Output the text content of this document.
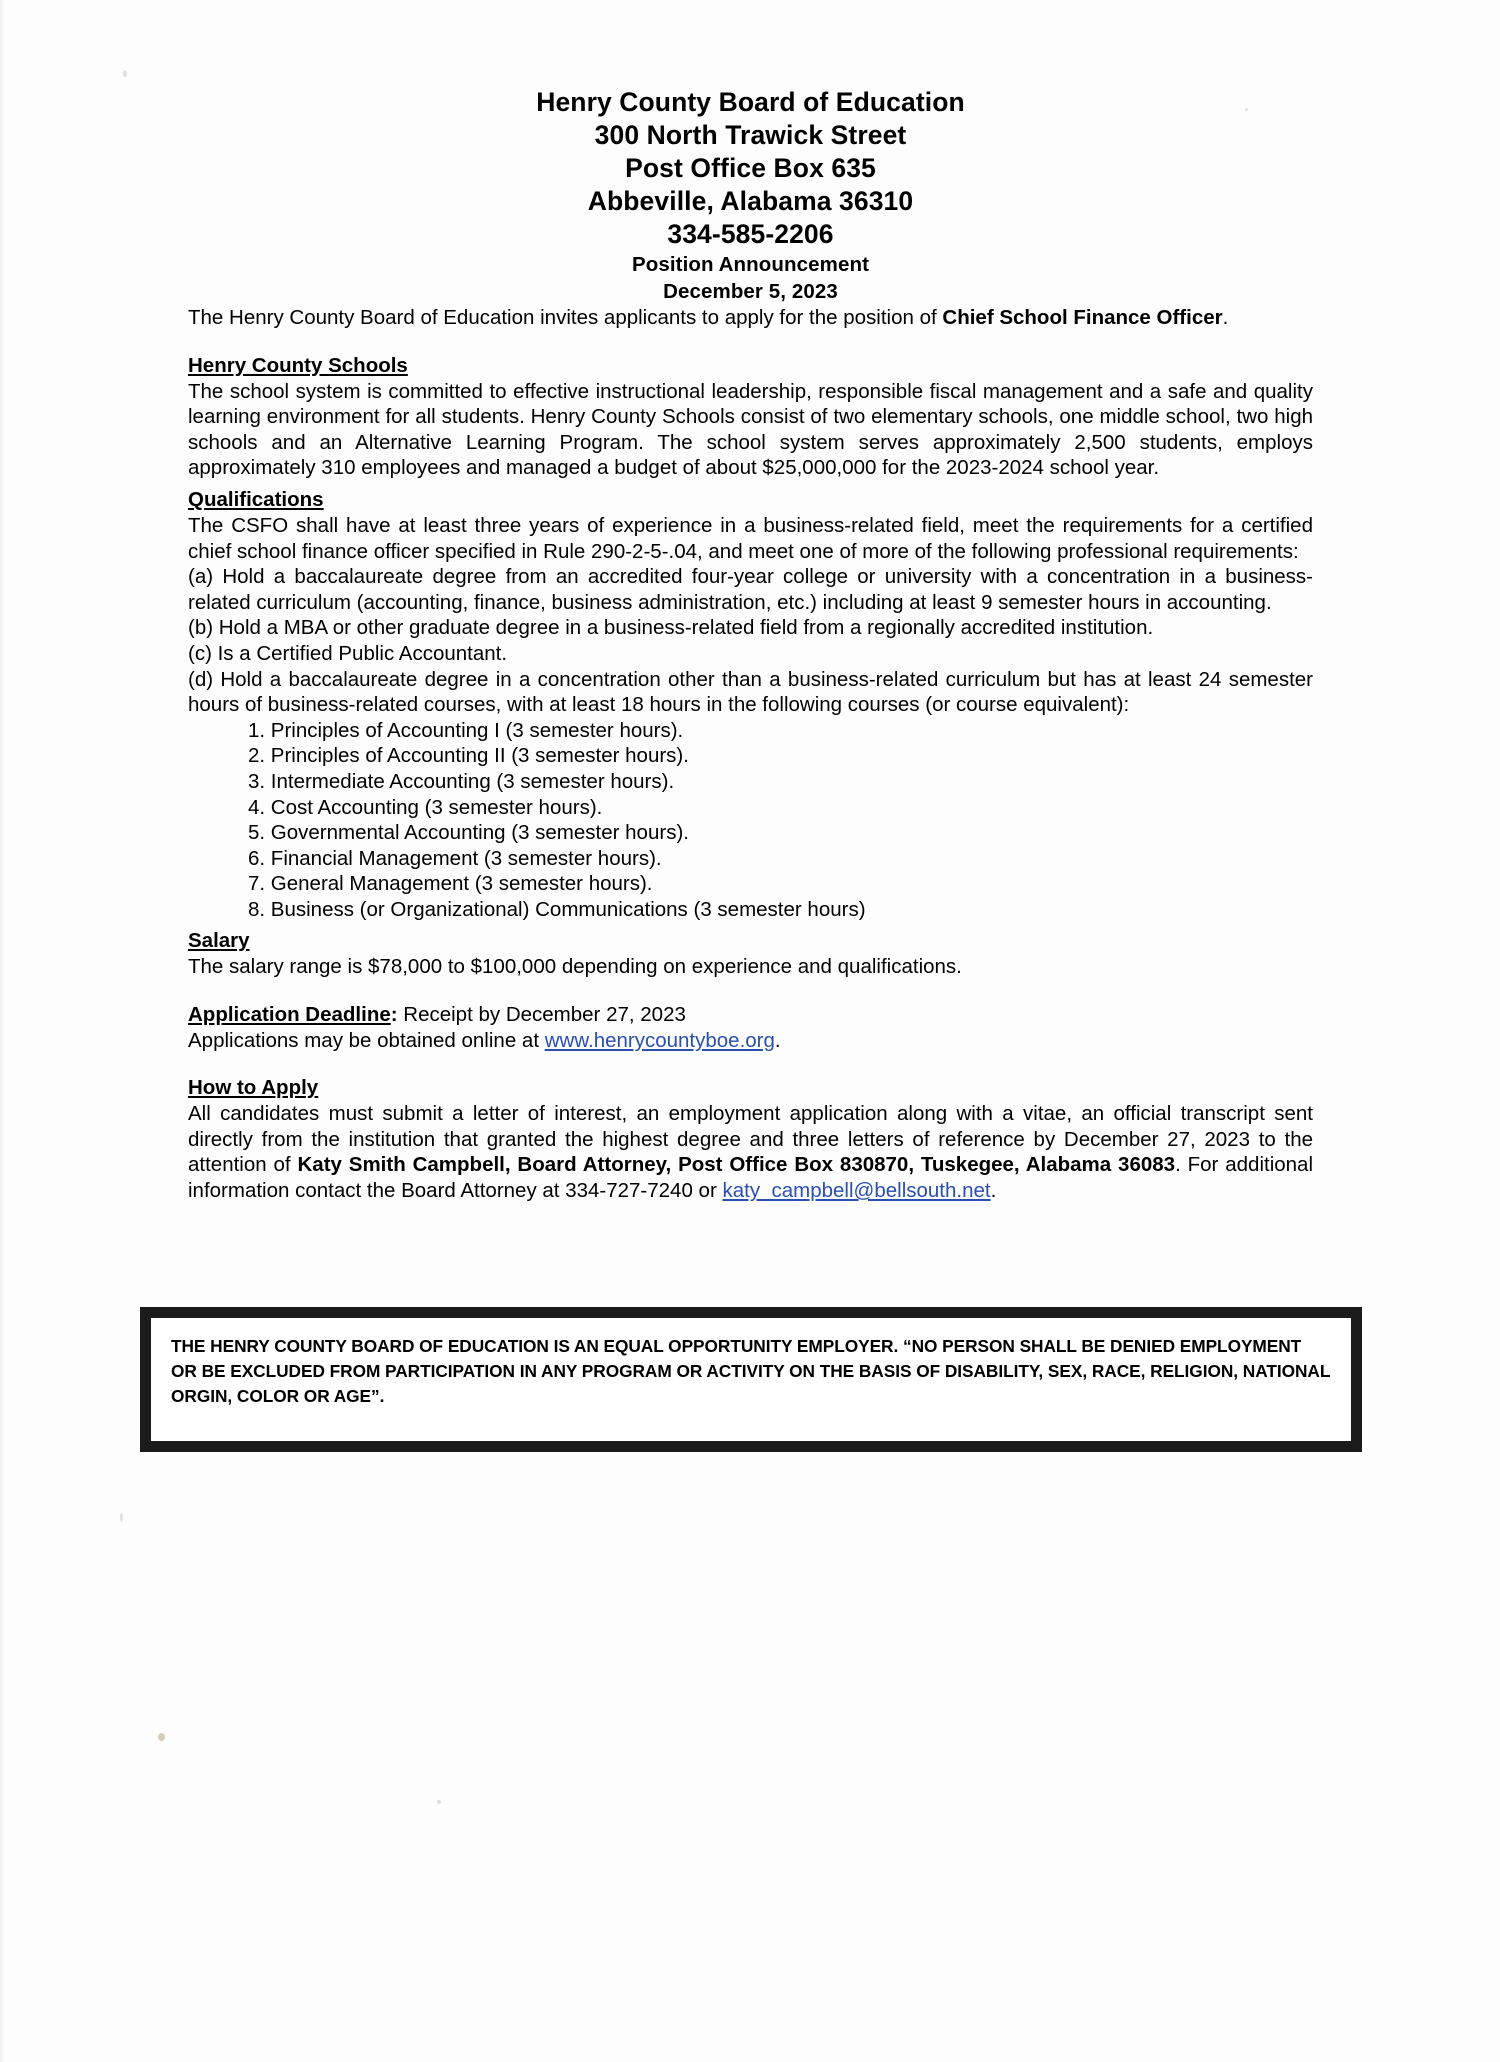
Henry County Board of Education
300 North Trawick Street
Post Office Box 635
Abbeville, Alabama 36310
334-585-2206
Position Announcement
December 5, 2023

The Henry County Board of Education invites applicants to apply for the position of Chief School Finance Officer.

Henry County Schools

The school system is committed to effective instructional leadership, responsible fiscal management and a safe and quality learning environment for all students. Henry County Schools consist of two elementary schools, one middle school, two high schools and an Alternative Learning Program. The school system serves approximately 2,500 students, employs approximately 310 employees and managed a budget of about $25,000,000 for the 2023-2024 school year.

Qualifications

The CSFO shall have at least three years of experience in a business-related field, meet the requirements for a certified chief school finance officer specified in Rule 290-2-5-.04, and meet one of more of the following professional requirements:

(a) Hold a baccalaureate degree from an accredited four-year college or university with a concentration in a business-related curriculum (accounting, finance, business administration, etc.) including at least 9 semester hours in accounting.

(b) Hold a MBA or other graduate degree in a business-related field from a regionally accredited institution.

(c) Is a Certified Public Accountant.

(d) Hold a baccalaureate degree in a concentration other than a business-related curriculum but has at least 24 semester hours of business-related courses, with at least 18 hours in the following courses (or course equivalent):

1. Principles of Accounting I (3 semester hours).
2. Principles of Accounting II (3 semester hours).
3. Intermediate Accounting (3 semester hours).
4. Cost Accounting (3 semester hours).
5. Governmental Accounting (3 semester hours).
6. Financial Management (3 semester hours).
7. General Management (3 semester hours).
8. Business (or Organizational) Communications (3 semester hours)
Salary

The salary range is $78,000 to $100,000 depending on experience and qualifications.

Application Deadline: Receipt by December 27, 2023

Applications may be obtained online at www.henrycountyboe.org.

How to Apply

All candidates must submit a letter of interest, an employment application along with a vitae, an official transcript sent directly from the institution that granted the highest degree and three letters of reference by December 27, 2023 to the attention of Katy Smith Campbell, Board Attorney, Post Office Box 830870, Tuskegee, Alabama 36083. For additional information contact the Board Attorney at 334-727-7240 or katy_campbell@bellsouth.net.

THE HENRY COUNTY BOARD OF EDUCATION IS AN EQUAL OPPORTUNITY EMPLOYER. “NO PERSON SHALL BE DENIED EMPLOYMENT OR BE EXCLUDED FROM PARTICIPATION IN ANY PROGRAM OR ACTIVITY ON THE BASIS OF DISABILITY, SEX, RACE, RELIGION, NATIONAL ORGIN, COLOR OR AGE”.
